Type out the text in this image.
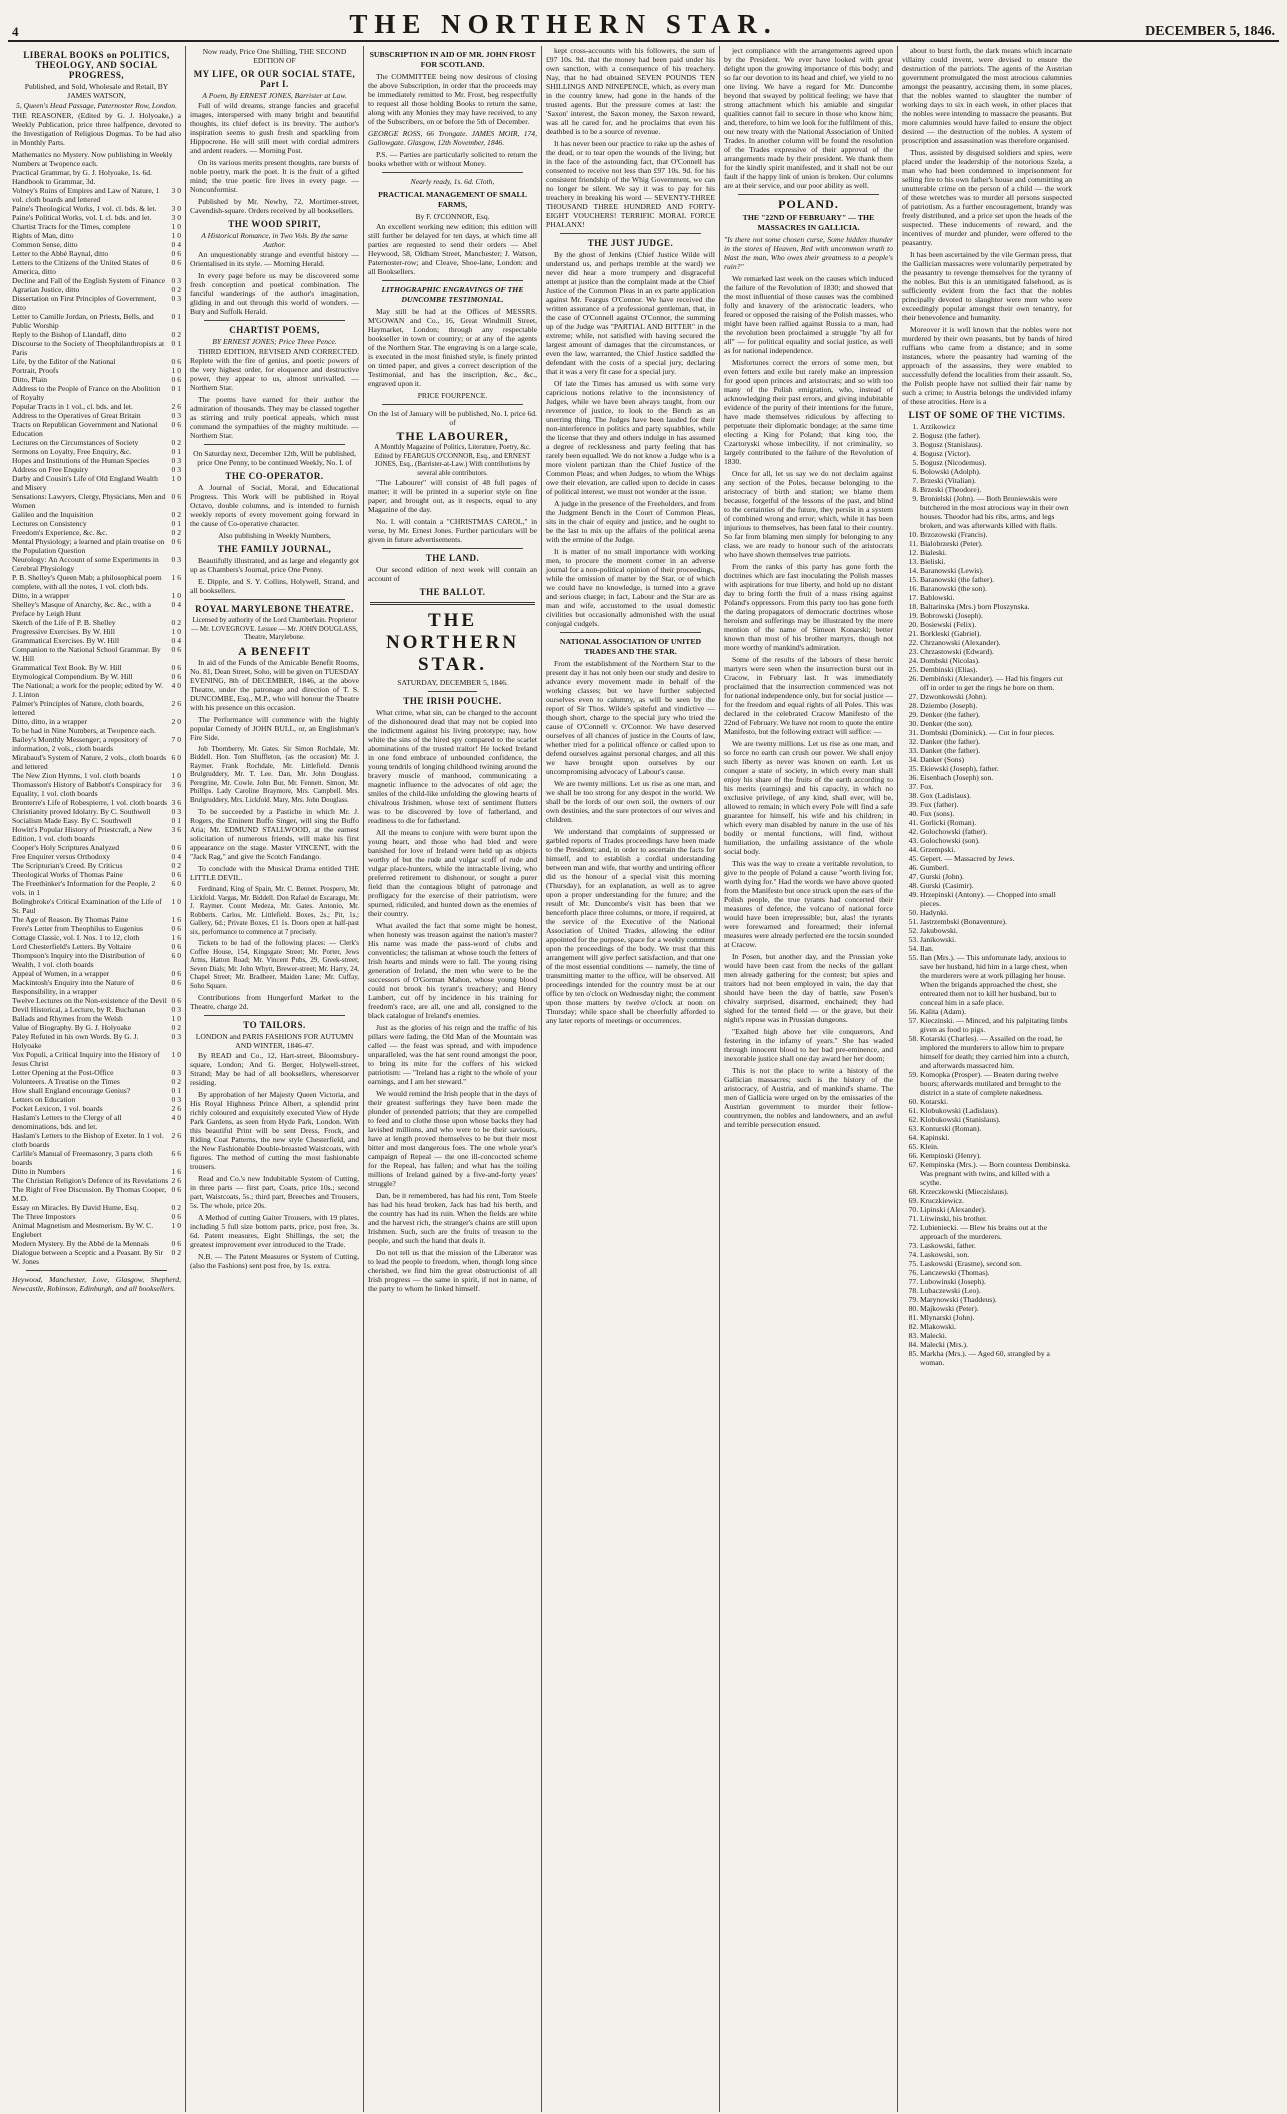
4	THE NORTHERN STAR.	DECEMBER 5, 1846.
LIBERAL BOOKS on POLITICS, THEOLOGY, AND SOCIAL PROGRESS,
Published, and Sold, Wholesale and Retail, BY JAMES WATSON,
5, Queen's Head Passage, Paternoster Row, London.

THE REASONER, (Edited by G. J. Holyoake,) a Weekly Publication, price three halfpence, devoted to the Investigation of Religious Dogmas. To be had also in Monthly Parts.

Mathematics no Mystery. Now publishing in Weekly Numbers at Twopence each.
Practical Grammar, by G. J. Holyoake, 1s. 6d.
Handbook to Grammar, 3d.
Volney's Ruins of Empires and Law of Nature, 1 vol. cloth boards and lettered
3 0
Paine's Theological Works, 1 vol. cl. bds. & let.	3 0
Paine's Political Works, vol. I. cl. bds. and let.	3 0
Chartist Tracts for the Times, complete	1 0
Rights of Man, ditto	1 0
Common Sense, ditto	0 4
Letter to the Abbé Raynal, ditto	0 6
Letters to the Citizens of the United States of America, ditto
0 6
Decline and Fall of the English System of Finance 0 3
Agrarian Justice, ditto	0 2
Dissertation on First Principles of Government, ditto
0 3
Letter to Camille Jordan, on Priests, Bells, and Public Worship
0 1
Reply to the Bishop of Llandaff, ditto	0 2
Discourse to the Society of Theophilanthropists at Paris
0 1
Life, by the Editor of the National	0 6
Portrait, Proofs	1 0
Ditto, Plain	0 6
Address to the People of France on the Abolition of Royalty
0 1
Popular Tracts in 1 vol., cl. bds. and let.	2 6
Address to the Operatives of Great Britain	0 3
Tracts on Republican Government and National Education
0 6
Lectures on the Circumstances of Society	0 2
Sermons on Loyalty, Free Enquiry, &c.	0 1
Hopes and Institutions of the Human Species	0 3
Address on Free Enquiry	0 3
Darby and Cousin's Life of Old England Wealth and Misery
1 0
Sensations: Lawyers, Clergy, Physicians, Men and Women
0 6
Galileo and the Inquisition	0 2
Lectures on Consistency	0 1
Freedom's Experience, &c. &c.	0 2
Mental Physiology; a learned and plain treatise on the Population Question
0 6
Neurology: An Account of some Experiments in Cerebral Physiology
0 3
P. B. Shelley's Queen Mab; a philosophical poem complete, with all the notes, 1 vol. cloth bds.
1 6
Ditto, in a wrapper	1 0
Shelley's Masque of Anarchy, &c. &c., with a Preface by Leigh Hunt
0 4
Sketch of the Life of P. B. Shelley	0 2
Progressive Exercises. By W. Hill	1 0
Grammatical Exercises. By W. Hill	0 4
Companion to the National School Grammar. By W. Hill
0 6
Grammatical Text Book. By W. Hill	0 6
Etymological Compendium. By W. Hill	0 6
The National; a work for the people; edited by W. J. Linton
4 0
Palmer's Principles of Nature, cloth boards, lettered
2 6
Ditto, ditto, in a wrapper	2 0
To be had in Nine Numbers, at Twopence each.
Bailey's Monthly Messenger; a repository of information, 2 vols., cloth boards
7 0
Mirabaud's System of Nature, 2 vols., cloth boards and lettered
6 0
The New Zion Hymns, 1 vol. cloth boards	1 0
Thomasson's History of Babbott's Conspiracy for Equality, 1 vol. cloth boards
3 6
Bronterre's Life of Robespierre, 1 vol. cloth boards 3 6
Christianity proved Idolatry. By C. Southwell	0 3
Socialism Made Easy. By C. Southwell	0 1
Howitt's Popular History of Priestcraft, a New Edition, 1 vol. cloth boards
3 6
Cooper's Holy Scriptures Analyzed	0 6
Free Enquirer versus Orthodoxy	0 4
The Scripturian's Creed. By Criticus	0 2
Theological Works of Thomas Paine	0 6
The Freethinker's Information for the People, 2 vols. in 1
6 0
Bolingbroke's Critical Examination of the Life of St. Paul
1 0
The Age of Reason. By Thomas Paine	1 6
Frere's Letter from Theophilus to Eugenius	0 6
Cottage Classic, vol. I. Nos. 1 to 12, cloth	1 6
Lord Chesterfield's Letters. By Voltaire	0 6
Thompson's Inquiry into the Distribution of Wealth, 1 vol. cloth boards
6 0
Appeal of Women, in a wrapper	0 6
Mackintosh's Enquiry into the Nature of Responsibility, in a wrapper
0 6
Twelve Lectures on the Non-existence of the Devil 0 6
Devil Historical, a Lecture, by R. Buchanan	0 3
Ballads and Rhymes from the Welsh	1 0
Value of Biography. By G. J. Holyoake	0 2
Paley Refuted in his own Words. By G. J. Holyoake
0 3
Vox Populi, a Critical Inquiry into the History of Jesus Christ
1 0
Letter Opening at the Post-Office	0 3
Volunteers. A Treatise on the Times	0 2
How shall England encourage Genius?	0 1
Letters on Education	0 3
Pocket Lexicon, 1 vol. boards	2 6
Haslam's Letters to the Clergy of all denominations, bds. and let.
4 0
Haslam's Letters to the Bishop of Exeter. In 1 vol. cloth boards
2 6
Carlile's Manual of Freemasonry, 3 parts cloth boards
6 6
Ditto in Numbers	1 6
The Christian Religion's Defence of its Revelations 2 6
The Right of Free Discussion. By Thomas Cooper, M.D.
0 6
Essay on Miracles. By David Hume, Esq.	0 2
The Three Impostors	0 6
Animal Magnetism and Mesmerism. By W. C. Englebert
1 0
Modern Mystery. By the Abbé de la Mennais	0 6
Dialogue between a Sceptic and a Peasant. By Sir W. Jones
0 2

Heywood, Manchester, Love, Glasgow, Shepherd, Newcastle, Robinson, Edinburgh, and all booksellers.

Now ready, Price One Shilling, THE SECOND EDITION OF
MY LIFE, OR OUR SOCIAL STATE, Part I.
A Poem, By ERNEST JONES, Barrister at Law.

Full of wild dreams, strange fancies and graceful images, interspersed with many bright and beautiful thoughts, its chief defect is its brevity. The author's inspiration seems to gush fresh and sparkling from Hippocrene. He will still meet with cordial admirers and ardent readers. — Morning Post.

On its various merits present thoughts, rare bursts of noble poetry, mark the poet. It is the fruit of a gifted mind; the true poetic fire lives in every page. — Nonconformist.

Published by Mr. Newby, 72, Mortimer-street, Cavendish-square. Orders received by all booksellers.

THE WOOD SPIRIT,
A Historical Romance, in Two Vols. By the same Author.

An unquestionably strange and eventful history — Orientalised in its style. — Morning Herald.

In every page before us may be discovered some fresh conception and poetical combination. The fanciful wanderings of the author's imagination, gliding in and out through this world of wonders. — Bury and Suffolk Herald.

CHARTIST POEMS,
BY ERNEST JONES; Price Three Pence.

THIRD EDITION, REVISED AND CORRECTED. Replete with the fire of genius, and poetic powers of the very highest order, for eloquence and destructive power, they appear to us, almost unrivalled. — Northern Star.

The poems have earned for their author the admiration of thousands. They may be classed together as stirring and truly poetical appeals, which must command the sympathies of the mighty multitude. — Northern Star.

On Saturday next, December 12th, Will be published, price One Penny, to be continued Weekly, No. I. of
THE CO-OPERATOR.

A Journal of Social, Moral, and Educational Progress. This Work will be published in Royal Octavo, double columns, and is intended to furnish weekly reports of every movement going forward in the cause of Co-operative character.

Also publishing in Weekly Numbers,
THE FAMILY JOURNAL,

Beautifully illustrated, and as large and elegantly got up as Chambers's Journal, price One Penny.

E. Dipple, and S. Y. Collins, Holywell, Strand, and all booksellers.

ROYAL MARYLEBONE THEATRE.
Licensed by authority of the Lord Chamberlain. Proprietor — Mr. LOVEGROVE. Lessee — Mr. JOHN DOUGLASS, Theatre, Marylebone.
A BENEFIT

In aid of the Funds of the Amicable Benefit Rooms, No. 81, Dean Street, Soho, will be given on TUESDAY EVENING, 8th of DECEMBER, 1846, at the above Theatre, under the patronage and direction of T. S. DUNCOMBE, Esq., M.P., who will honour the Theatre with his presence on this occasion.

The Performance will commence with the highly popular Comedy of JOHN BULL, or, an Englishman's Fire Side.

Job Thornberry, Mr. Gates. Sir Simon Rochdale, Mr. Biddell. Hon. Tom Shuffleton, (as the occasion) Mr. J. Raymer. Frank Rochdale, Mr. Littlefield. Dennis Brulgruddery, Mr. T. Lee. Dan, Mr. John Douglass. Peregrine, Mr. Cowle. John Bur, Mr. Fennett. Simon, Mr. Phillips. Lady Caroline Braymore, Mrs. Campbell. Mrs. Brulgruddery, Mrs. Lickfold. Mary, Mrs. John Douglass.

To be succeeded by a Pastiche in which Mr. J. Rogers, the Eminent Buffo Singer, will sing the Buffo Aria; Mr. EDMUND STALLWOOD, at the earnest solicitation of numerous friends, will make his first appearance on the stage. Master VINCENT, with the "Jack Rag," and give the Scotch Fandango.

To conclude with the Musical Drama entitled THE LITTLE DEVIL.

Ferdinand, King of Spain, Mr. C. Bennet. Prospero, Mr. Lickfold. Vargas, Mr. Biddell. Don Rafael de Escaragu, Mr. J. Raymer. Count Medeza, Mr. Gates. Antonio, Mr. Robberts. Carlos, Mr. Littlefield. Boxes, 2s.; Pit, 1s.; Gallery, 6d.; Private Boxes, £1 1s. Doors open at half-past six, performance to commence at 7 precisely.

Tickets to be had of the following places: — Clerk's Coffee House, 154, Kingsgate Street; Mr. Porter, Jews Arms, Hatton Road; Mr. Vincent Pubs, 29, Greek-street; Seven Dials; Mr. John Whytt, Brewer-street; Mr. Harry, 24, Chapel Street; Mr. Bradbeer, Maiden Lane; Mr. Cuffay, Soho Square.

Contributions from Hungerford Market to the Theatre, charge 2d.

TO TAILORS.
LONDON and PARIS FASHIONS FOR AUTUMN AND WINTER, 1846-47.

By READ and Co., 12, Hart-street, Bloomsbury-square, London; And G. Berger, Holywell-street, Strand; May be had of all booksellers, wheresoever residing.

By approbation of her Majesty Queen Victoria, and His Royal Highness Prince Albert, a splendid print richly coloured and exquisitely executed View of Hyde Park Gardens, as seen from Hyde Park, London. With this beautiful Print will be sent Dress, Frock, and Riding Coat Patterns, the new style Chesterfield, and the New Fashionable Double-breasted Waistcoats, with figures. The method of cutting the most fashionable trousers.

Read and Co.'s new Indubitable System of Cutting, in three parts — first part, Coats, price 10s.; second part, Waistcoats, 5s.; third part, Breeches and Trousers, 5s. The whole, price 20s.

A Method of cutting Gaiter Trousers, with 19 plates, including 5 full size bottom parts, price, post free, 3s. 6d. Patent measures, Eight Shillings, the set; the greatest improvement ever introduced to the Trade.

N.B. — The Patent Measures or System of Cutting, (also the Fashions) sent post free, by 1s. extra.

SUBSCRIPTION IN AID OF MR. JOHN FROST FOR SCOTLAND.

The COMMITTEE being now desirous of closing the above Subscription, in order that the proceeds may be immediately remitted to Mr. Frost, beg respectfully to request all those holding Books to return the same, along with any Monies they may have received, to any of the Subscribers, on or before the 5th of December.

GEORGE ROSS, 66 Trongate. JAMES MOIR, 174, Gallowgate. Glasgow, 12th November, 1846.

P.S. — Parties are particularly solicited to return the books whether with or without Money.

Nearly ready, 1s. 6d. Cloth,
PRACTICAL MANAGEMENT OF SMALL FARMS,
By F. O'CONNOR, Esq.

An excellent working new edition; this edition will still further be delayed for ten days, at which time all parties are requested to send their orders — Abel Heywood, 58, Oldham Street, Manchester; J. Watson, Paternoster-row; and Cleave, Shoe-lane, London: and all Booksellers.

LITHOGRAPHIC ENGRAVINGS OF THE DUNCOMBE TESTIMONIAL.

May still be had at the Offices of MESSRS. M'GOWAN and Co., 16, Great Windmill Street, Haymarket, London; through any respectable bookseller in town or country; or at any of the agents of the Northern Star. The engraving is on a large scale, is executed in the most finished style, is finely printed on tinted paper, and gives a correct description of the Testimonial, and has the inscription, &c., &c., engraved upon it.

PRICE FOURPENCE.
On the 1st of January will be published, No. I. price 6d. of
THE LABOURER,
A Monthly Magazine of Politics, Literature, Poetry, &c. Edited by FEARGUS O'CONNOR, Esq., and ERNEST JONES, Esq., (Barrister-at-Law.) With contributions by several able contributors.

"The Labourer" will consist of 48 full pages of matter; it will be printed in a superior style on fine paper; and brought out, as it respects, equal to any Magazine of the day.

No. I. will contain a "CHRISTMAS CAROL," in verse, by Mr. Ernest Jones. Further particulars will be given in future advertisements.

THE LAND.

Our second edition of next week will contain an account of

THE BALLOT.
THE NORTHERN STAR.
SATURDAY, DECEMBER 5, 1846.
THE IRISH POUCHE.

What crime, what sin, can be charged to the account of the dishonoured dead that may not be copied into the indictment against his living prototype; nay, how white the sins of the hired spy compared to the scarlet abominations of the trusted traitor! He locked Ireland in one fond embrace of unbounded confidence, the young tendrils of longing childhood twining around the bravery muscle of manhood, communicating a magnetic influence to the advocates of old age; the smiles of the child-like unfolding the glowing hearts of chivalrous Irishmen, whose text of sentiment flutters was to be discovered by love of fatherland, and readiness to die for fatherland.

All the means to conjure with were burnt upon the young heart, and those who had bled and were banished for love of Ireland were held up as objects worthy of but the rude and vulgar scoff of rude and vulgar place-hunters, while the intractable living, who preferred retirement to dishonour, or sought a purer field than the contagious blight of patronage and profligacy for the exercise of their patriotism, were spurned, ridiculed, and hunted down as the enemies of their country.

What availed the fact that some might be honest, when honesty was treason against the nation's master? His name was made the pass-word of clubs and conventicles; the talisman at whose touch the fetters of Irish hearts and minds were to fall. The young rising generation of Ireland, the men who were to be the successors of O'Gorman Mahon, whose young blood could not brook his tyrant's treachery; and Henry Lambert, cut off by incidence in his training for freedom's race, are all, one and all, consigned to the black catalogue of Ireland's enemies.

Just as the glories of his reign and the traffic of his pillars were fading, the Old Man of the Mountain was called — the feast was spread, and with impudence unparalleled, was the hat sent round amongst the poor, to bring its mite for the coffers of his wicked patriotism: — "Ireland has a right to the whole of your earnings, and I am her steward."

We would remind the Irish people that in the days of their greatest sufferings they have been made the plunder of pretended patriots; that they are compelled to feed and to clothe those upon whose backs they had lavished millions, and who were to be their saviours, have at length proved themselves to be but their most bitter and most dangerous foes. The one whole year's campaign of Repeal — the one ill-concocted scheme for the Repeal, has fallen; and what has the toiling millions of Ireland gained by a five-and-forty years' struggle?

Dan, be it remembered, has had his rent, Tom Steele has had his head broken, Jack has had his berth, and the country has had its ruin. When the fields are white and the harvest rich, the stranger's chains are still upon Irishmen. Such, such are the fruits of treason to the people, and such the hand that deals it.

Do not tell us that the mission of the Liberator was to lead the people to freedom, when, though long since cherished, we find him the great obstructionist of all Irish progress — the same in spirit, if not in name, of the party to whom he linked himself.

kept cross-accounts with his followers, the sum of £97 10s. 9d. that the money had been paid under his own sanction, with a consequence of his treachery. Nay, that he had obtained SEVEN POUNDS TEN SHILLINGS AND NINEPENCE, which, as every man in the country knew, had gone in the hands of the trusted agents. But the pressure comes at last: the 'Saxon' interest, the Saxon money, the Saxon reward, was all he cared for, and he proclaims that even his deathbed is to be a source of revenue.

It has never been our practice to rake up the ashes of the dead, or to tear open the wounds of the living; but in the face of the astounding fact, that O'Connell has consented to receive not less than £97 10s. 9d. for his consistent friendship of the Whig Government, we can no longer be silent. We say it was to pay for his treachery in breaking his word — SEVENTY-THREE THOUSAND THREE HUNDRED AND FORTY-EIGHT VOUCHERS! TERRIFIC MORAL FORCE PHALANX!

THE JUST JUDGE.

By the ghost of Jenkins (Chief Justice Wilde will understand us, and perhaps tremble at the ward) we never did hear a more trumpery and disgraceful attempt at justice than the complaint made at the Chief Justice of the Common Pleas in an ex parte application against Mr. Feargus O'Connor. We have received the written assurance of a professional gentleman, that, in the case of O'Connell against O'Connor, the summing up of the Judge was "PARTIAL AND BITTER" in the extreme; while, not satisfied with having secured the largest amount of damages that the circumstances, or even the law, warranted, the Chief Justice saddled the defendant with the costs of a special jury, declaring that it was a very fit case for a special jury.

Of late the Times has amused us with some very capricious notions relative to the inconsistency of Judges, while we have been always taught, from our reverence of justice, to look to the Bench as an unerring thing. The Judges have been lauded for their non-interference in politics and party squabbles, while the license that they and others indulge in has assumed a degree of recklessness and party feeling that has rarely been equalled. We do not know a Judge who is a more violent partizan than the Chief Justice of the Common Pleas; and when Judges, to whom the Whigs owe their elevation, are called upon to decide in cases of political interest, we must not wonder at the issue.

A judge in the presence of the Freeholders, and from the Judgment Bench in the Court of Common Pleas, sits in the chair of equity and justice, and he ought to be the last to mix up the affairs of the political arena with the ermine of the Judge.

It is matter of no small importance with working men, to procure the moment corner in an adverse journal for a non-political opinion of their proceedings, while the omission of matter by the Star, or of which we could have no knowledge, is turned into a grave and serious charge; in fact, Labour and the Star are as man and wife, accustomed to the usual domestic civilities but occasionally admonished with the usual conjugal cudgels.

NATIONAL ASSOCIATION OF UNITED TRADES AND THE STAR.

From the establishment of the Northern Star to the present day it has not only been our study and desire to advance every movement made in behalf of the working classes; but we have further subjected ourselves even to calumny, as will be seen by the report of Sir Thos. Wilde's spiteful and vindictive — though short, charge to the special jury who tried the cause of O'Connell v. O'Connor. We have deserved ourselves of all chances of justice in the Courts of law, whether tried for a political offence or called upon to defend ourselves against personal charges, and all this we have brought upon ourselves by our uncompromising advocacy of Labour's cause.

We are twenty millions. Let us rise as one man, and we shall be too strong for any despot in the world. We shall be the lords of our own soil, the owners of our own destinies, and the sure protectors of our wives and children.

We understand that complaints of suppressed or garbled reports of Trades proceedings have been made to the President; and, in order to ascertain the facts for himself, and to establish a cordial understanding between man and wife, that worthy and untiring officer did us the honour of a special visit this morning (Thursday), for an explanation, as well as to agree upon a proper understanding for the future; and the result of Mr. Duncombe's visit has been that we henceforth place three columns, or more, if required, at the service of the Executive of the National Association of United Trades, allowing the editor appointed for the purpose, space for a weekly comment upon the proceedings of the body. We trust that this arrangement will give perfect satisfaction, and that one of the most essential conditions — namely, the time of transmitting matter to the office, will be observed. All proceedings intended for the country must be at our office by ten o'clock on Wednesday night; the comment upon those matters by twelve o'clock at noon on Thursday; while space shall be cheerfully afforded to any later reports of meetings or occurrences.

ject compliance with the arrangements agreed upon by the President. We ever have looked with great delight upon the growing importance of this body; and so far our devotion to its head and chief, we yield to no one living. We have a regard for Mr. Duncombe beyond that swayed by political feeling; we have that strong attachment which his amiable and singular qualities cannot fail to secure in those who know him; and, therefore, to him we look for the fulfilment of this, our new treaty with the National Association of United Trades. In another column will be found the resolution of the Trades expressive of their approval of the arrangements made by their president. We thank them for the kindly spirit manifested, and it shall not be our fault if the happy link of union is broken. Our columns are at their service, and our poor ability as well.

POLAND.
THE "22ND OF FEBRUARY" — THE MASSACRES IN GALLICIA.

"Is there not some chosen curse, Some hidden thunder in the stores of Heaven, Red with uncommon wrath to blast the man, Who owes their greatness to a people's ruin?"

We remarked last week on the causes which induced the failure of the Revolution of 1830; and showed that the most influential of those causes was the combined folly and knavery of the aristocratic leaders, who feared or opposed the raising of the Polish masses, who might have been rallied against Russia to a man, had the revolution been proclaimed a struggle "by all for all" — for political equality and social justice, as well as for national independence.

Misfortunes correct the errors of some men, but even fetters and exile but rarely make an impression for good upon princes and aristocrats; and so with too many of the Polish emigration, who, instead of acknowledging their past errors, and giving indubitable evidence of the purity of their intentions for the future, have made themselves ridiculous by affecting to perpetuate their diplomatic bondage; at the same time electing a King for Poland; that king too, the Czartoryski whose imbecility, if not criminality, so largely contributed to the failure of the Revolution of 1830.

Once for all, let us say we do not declaim against any section of the Poles, because belonging to the aristocracy of birth and station; we blame them because, forgetful of the lessons of the past, and blind to the certainties of the future, they persist in a system of combined wrong and error; which, while it has been injurious to themselves, has been fatal to their country. So far from blaming men simply for belonging to any class, we are ready to honour such of the aristocrats who have shown themselves true patriots.

From the ranks of this party has gone forth the doctrines which are fast inoculating the Polish masses with aspirations for true liberty, and hold up no distant day to bring forth the fruit of a mass rising against Poland's oppressors. From this party too has gone forth the daring propagators of democratic doctrines whose heroism and sufferings may be illustrated by the mere mention of the name of Simeon Konarski; better known than most of his brother martyrs, though not more worthy of mankind's admiration.

Some of the results of the labours of these heroic martyrs were seen when the insurrection burst out in Cracow, in February last. It was immediately proclaimed that the insurrection commenced was not for national independence only, but for social justice — for the freedom and equal rights of all Poles. This was declared in the celebrated Cracow Manifesto of the 22nd of February. We have not room to quote the entire Manifesto, but the following extract will suffice: —

We are twenty millions. Let us rise as one man, and so force no earth can crush our power. We shall enjoy such liberty as never was known on earth. Let us conquer a state of society, in which every man shall enjoy his share of the fruits of the earth according to his merits (earnings) and his capacity, in which no exclusive privilege, of any kind, shall ever, will be, allowed to remain; in which every Pole will find a safe guarantee for himself, his wife and his children; in which every man disabled by nature in the use of his bodily or mental functions, will find, without humiliation, the unfailing assistance of the whole social body.

This was the way to create a veritable revolution, to give to the people of Poland a cause "worth living for, worth dying for." Had the words we have above quoted from the Manifesto but once struck upon the ears of the Polish people, the true tyrants had concerted their measures of defence, the volcano of national force would have been irrepressible; but, alas! the tyrants were forewarned and forearmed; their infernal measures were already perfected ere the tocsin sounded at Cracow.

In Posen, but another day, and the Prussian yoke would have been cast from the necks of the gallant men already gathering for the contest; but spies and traitors had not been employed in vain, the day that should have been the day of battle, saw Posen's chivalry surprised, disarmed, enchained; they had sighed for the tented field — or the grave, but their night's repose was in Prussian dungeons.

"Exalted high above her vile conquerors, And festering in the infamy of years." She has waded through innocent blood to her bad pre-eminence, and inexorable justice shall one day award her her doom;

This is not the place to write a history of the Gallician massacres; such is the history of the aristocracy, of Austria, and of mankind's shame. The men of Gallicia were urged on by the emissaries of the Austrian government to murder their fellow-countrymen, the nobles and landowners, and an awful and terrible persecution ensued.

about to burst forth, the dark means which incarnate villainy could invent, were devised to ensure the destruction of the patriots. The agents of the Austrian government promulgated the most atrocious calumnies amongst the peasantry, accusing them, in some places, that the nobles wanted to slaughter the number of working days to six in each week, in other places that the nobles were intending to massacre the peasants. But more calumnies would have failed to ensure the object desired — the destruction of the nobles. A system of proscription and assassination was therefore organised.

Thus, assisted by disguised soldiers and spies, were placed under the leadership of the notorious Szela, a man who had been condemned to imprisonment for selling fire to his own father's house and committing an unutterable crime on the person of a child — the work of these wretches was to murder all persons suspected of patriotism. As a further encouragement, brandy was freely distributed, and a price set upon the heads of the suspected. These inducements of reward, and the incentives of murder and plunder, were offered to the peasantry.

It has been ascertained by the vile German press, that the Gallician massacres were voluntarily perpetrated by the peasantry to revenge themselves for the tyranny of the nobles. But this is an unmitigated falsehood, as is sufficiently evident from the fact that the nobles principally devoted to slaughter were men who were exceedingly popular amongst their own tenantry, for their benevolence and humanity.

Moreover it is well known that the nobles were not murdered by their own peasants, but by bands of hired ruffians who came from a distance; and in some instances, where the peasantry had warning of the approach of the assassins, they were enabled to successfully defend the localities from their assault. So, the Polish people have not sullied their fair name by such a crime; to Austria belongs the undivided infamy of these atrocities. Here is a

LIST OF SOME OF THE VICTIMS.
1. Arzikowicz
2. Bogusz (the father).
3. Bogusz (Stanislaus).
4. Bogusz (Victor).
5. Bogusz (Nicodemus).
6. Bolowski (Adolph).
7. Brzeski (Vitalian).
8. Brzeski (Theodore).
9. Bronielski (John). — Both Broniewskis were butchered in the most atrocious way in their own houses. Theodor had his ribs, arms, and legs broken, and was afterwards killed with flails.
10. Brzozowski (Francis).
11. Bialobrzeski (Peter).
12. Bialeski.
13. Bieliski.
14. Baranowski (Lewis).
15. Baranowski (the father).
16. Baranowski (the son).
17. Bablowski.
18. Baltarinska (Mrs.) born Ploszynska.
19. Bobrowski (Joseph).
20. Bosiewski (Felix).
21. Borkleski (Gabriel).
22. Chrzanowski (Alexander).
23. Chrzastowski (Edward).
24. Dombski (Nicolas).
25. Dembinski (Elias).
26. Dembiński (Alexander). — Had his fingers cut off in order to get the rings he bore on them.
27. Dzwonkowski (John).
28. Dziembo (Joseph).
29. Denker (the father).
30. Denker (the son).
31. Dombski (Dominick). — Cut in four pieces.
32. Danker (the father).
33. Danker (the father).
34. Danker (Sons)
35. Ekiewski (Joseph), father.
36. Eisenbach (Joseph) son.
37. Fox.
38. Gox (Ladislaus).
39. Fux (father).
40. Fux (sons).
41. Gorlicki (Roman).
42. Golochowski (father).
43. Golochowski (son).
44. Grzempski.
45. Gepert. — Massacred by Jews.
46. Gumberl.
47. Gurski (John).
48. Gurski (Casimir).
49. Hrzepinski (Antony). — Chopped into small pieces.
50. Hadynki.
51. Jastrzembski (Bonaventure).
52. Jakubowski.
53. Janikowski.
54. Ilan.
55. Ilan (Mrs.). — This unfortunate lady, anxious to save her husband, hid him in a large chest, when the murderers were at work pillaging her house. When the brigands approached the chest, she entreated them not to kill her husband, but to conceal him in a safe place.
56. Kalita (Adam).
57. Kieczinski. — Minced, and his palpitating limbs given as food to pigs.
58. Kotarski (Charles). — Assailed on the road, he implored the murderers to allow him to prepare himself for death; they carried him into a church, and afterwards massacred him.
59. Komopka (Prosper). — Beaten during twelve hours; afterwards mutilated and brought to the district in a state of complete nakedness.
60. Kotarski.
61. Klobukowski (Ladislaus).
62. Klobukowski (Stanislaus).
63. Konturski (Roman).
64. Kapinski.
65. Klein.
66. Kempinski (Henry).
67. Kempinska (Mrs.). — Born countess Dembinska. Was pregnant with twins, and killed with a scythe.
68. Krzeczkowski (Mieczislaus).
69. Kruczkiewicz.
70. Lipinski (Alexander).
71. Litwinski, his brother.
72. Lubieniecki. — Blew his brains out at the approach of the murderers.
73. Laskowski, father.
74. Laskowski, son.
75. Laskowski (Erasme), second son.
76. Lanczewski (Thomas).
77. Lubowinski (Joseph).
78. Lubaczewski (Leo).
79. Marynowski (Thaddeus).
80. Majkowski (Peter).
81. Mlynarski (John).
82. Mlakowski.
83. Malecki.
84. Malecki (Mrs.).
85. Markha (Mrs.). — Aged 60, strangled by a woman.
